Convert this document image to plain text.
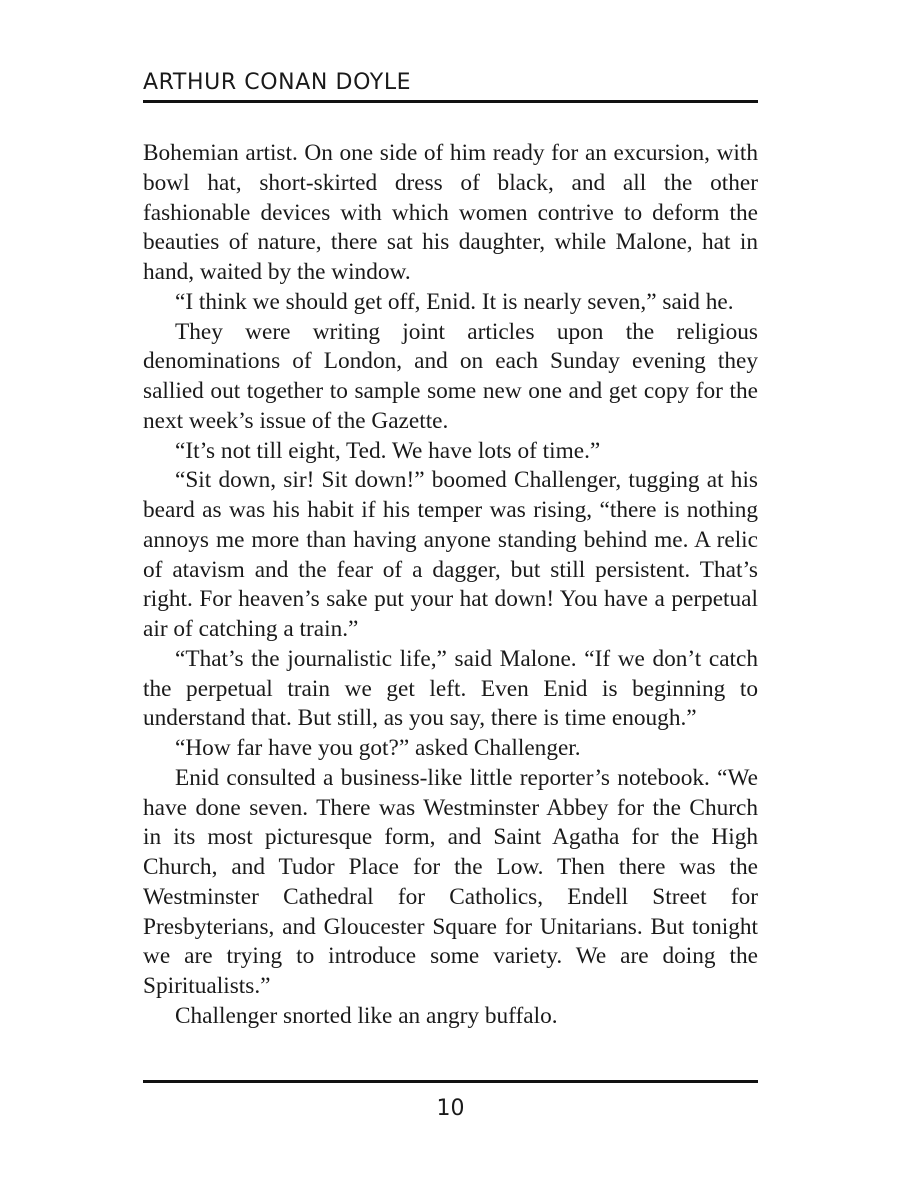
ARTHUR CONAN DOYLE

Bohemian artist. On one side of him ready for an excursion, with bowl hat, short-skirted dress of black, and all the other fashionable devices with which women contrive to deform the beauties of nature, there sat his daughter, while Malone, hat in hand, waited by the window.

“I think we should get off, Enid. It is nearly seven,” said he.

They were writing joint articles upon the religious denominations of London, and on each Sunday evening they sallied out together to sample some new one and get copy for the next week’s issue of the Gazette.

“It’s not till eight, Ted. We have lots of time.”

“Sit down, sir! Sit down!” boomed Challenger, tugging at his beard as was his habit if his temper was rising, “there is nothing annoys me more than having anyone standing behind me. A relic of atavism and the fear of a dagger, but still persistent. That’s right. For heaven’s sake put your hat down! You have a perpetual air of catching a train.”

“That’s the journalistic life,” said Malone. “If we don’t catch the perpetual train we get left. Even Enid is beginning to understand that. But still, as you say, there is time enough.”

“How far have you got?” asked Challenger.

Enid consulted a business-like little reporter’s notebook. “We have done seven. There was Westminster Abbey for the Church in its most picturesque form, and Saint Agatha for the High Church, and Tudor Place for the Low. Then there was the Westminster Cathedral for Catholics, Endell Street for Presbyterians, and Gloucester Square for Unitarians. But tonight we are trying to introduce some variety. We are doing the Spiritualists.”

Challenger snorted like an angry buffalo.

10
